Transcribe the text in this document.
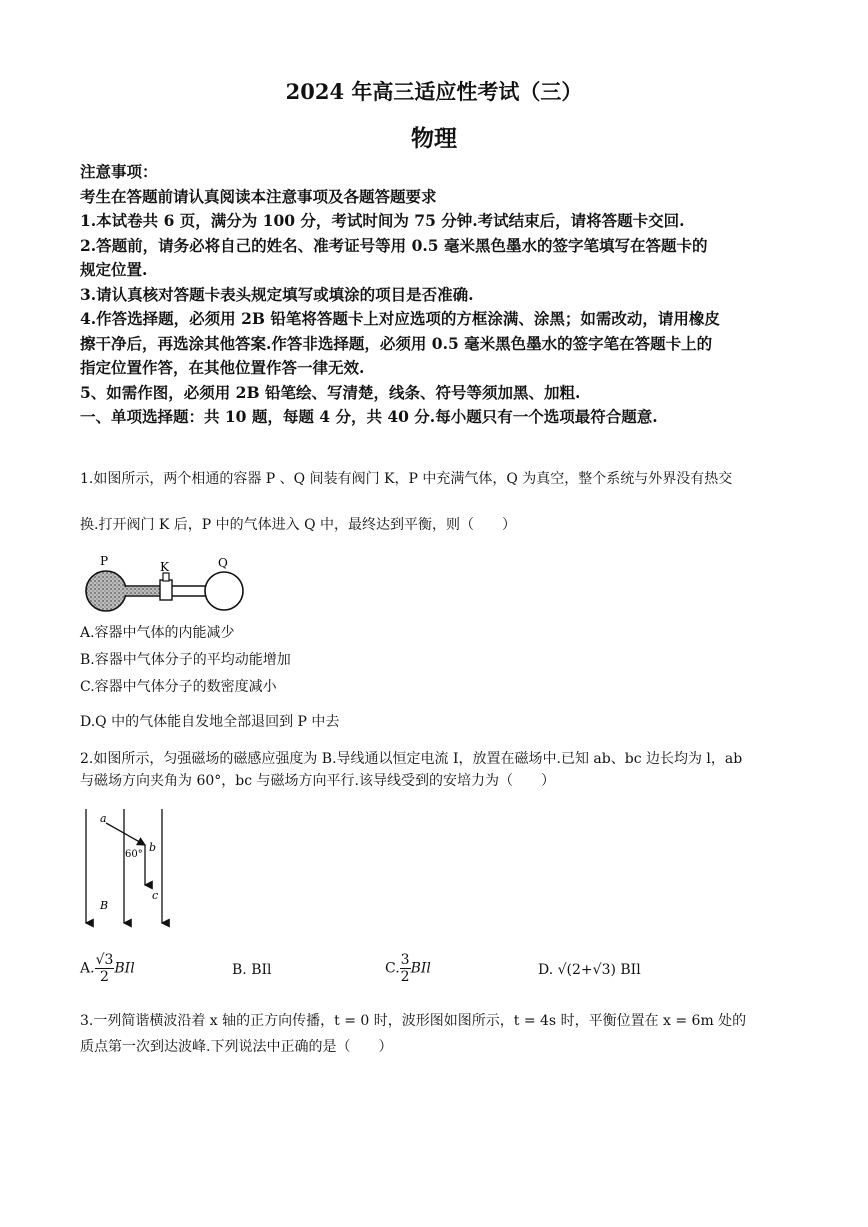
2024 年高三适应性考试（三）
物理
注意事项：
考生在答题前请认真阅读本注意事项及各题答题要求
1.本试卷共 6 页，满分为 100 分，考试时间为 75 分钟.考试结束后，请将答题卡交回.
2.答题前，请务必将自己的姓名、准考证号等用 0.5 毫米黑色墨水的签字笔填写在答题卡的
规定位置.
3.请认真核对答题卡表头规定填写或填涂的项目是否准确.
4.作答选择题，必须用 2B 铅笔将答题卡上对应选项的方框涂满、涂黑；如需改动，请用橡皮
擦干净后，再选涂其他答案.作答非选择题，必须用 0.5 毫米黑色墨水的签字笔在答题卡上的
指定位置作答，在其他位置作答一律无效.
5、如需作图，必须用 2B 铅笔绘、写清楚，线条、符号等须加黑、加粗.
一、单项选择题：共 10 题，每题 4 分，共 40 分.每小题只有一个选项最符合题意.
1.如图所示，两个相通的容器 P 、Q 间装有阀门 K，P 中充满气体，Q 为真空，整个系统与外界没有热交
换.打开阀门 K 后，P 中的气体进入 Q 中，最终达到平衡，则（　　）
P	K	Q
A.容器中气体的内能减少
B.容器中气体分子的平均动能增加
C.容器中气体分子的数密度减小
D.Q 中的气体能自发地全部退回到 P 中去
2.如图所示，匀强磁场的磁感应强度为 B.导线通以恒定电流 I，放置在磁场中.已知 ab、bc 边长均为 l，ab
与磁场方向夹角为 60°，bc 与磁场方向平行.该导线受到的安培力为（　　）
a
b
c
B
60°
A. $\frac{√3}{2}$ BIl	B. BIl	C. $\frac{3}{2}$ BIl	D. √(2+√3) BIl
3.一列简谐横波沿着 x 轴的正方向传播，t = 0 时，波形图如图所示，t = 4s 时，平衡位置在 x = 6m 处的
质点第一次到达波峰.下列说法中正确的是（　　）
